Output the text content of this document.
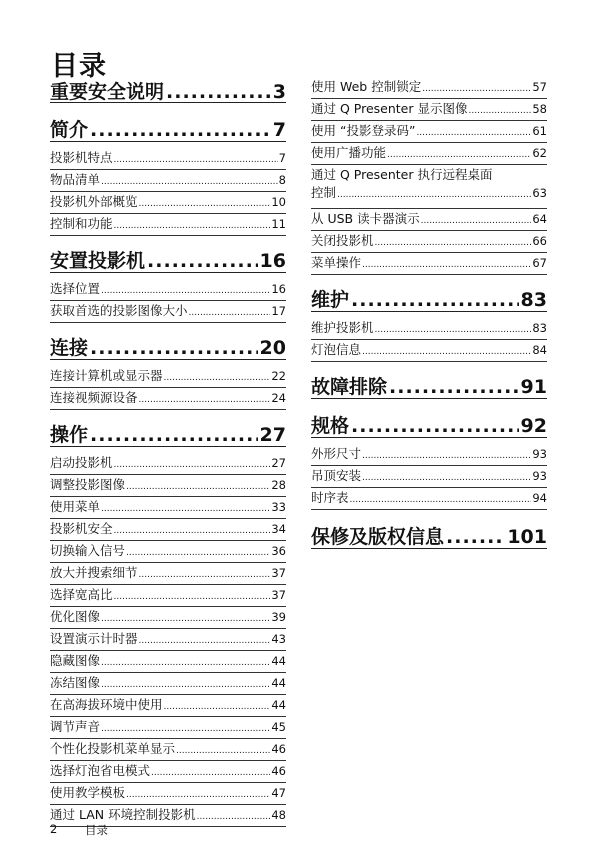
目录
重要安全说明 .....	3
简介 .....	7
投影机特点 .....	7
物品清单 .....	8
投影机外部概览 .....	10
控制和功能 .....	11
安置投影机 .....	16
选择位置 .....	16
获取首选的投影图像大小 .....	17
连接 .....	20
连接计算机或显示器 .....	22
连接视频源设备 .....	24
操作 .....	27
启动投影机 .....	27
调整投影图像 .....	28
使用菜单 .....	33
投影机安全 .....	34
切换输入信号 .....	36
放大并搜索细节 .....	37
选择宽高比 .....	37
优化图像 .....	39
设置演示计时器 .....	43
隐藏图像 .....	44
冻结图像 .....	44
在高海拔环境中使用 .....	44
调节声音 .....	45
个性化投影机菜单显示 .....	46
选择灯泡省电模式 .....	46
使用教学模板 .....	47
通过 LAN 环境控制投影机 .....	48
使用 Web 控制锁定 .....	57
通过 Q Presenter 显示图像 .....	58
使用 “投影登录码” .....	61
使用广播功能 .....	62
通过 Q Presenter 执行远程桌面
控制 .....	63
从 USB 读卡器演示 .....	64
关闭投影机 .....	66
菜单操作 .....	67
维护 .....	83
维护投影机 .....	83
灯泡信息 .....	84
故障排除 .....	91
规格 .....	92
外形尺寸 .....	93
吊顶安装 .....	93
时序表 .....	94
保修及版权信息 .....	101
2 目录
